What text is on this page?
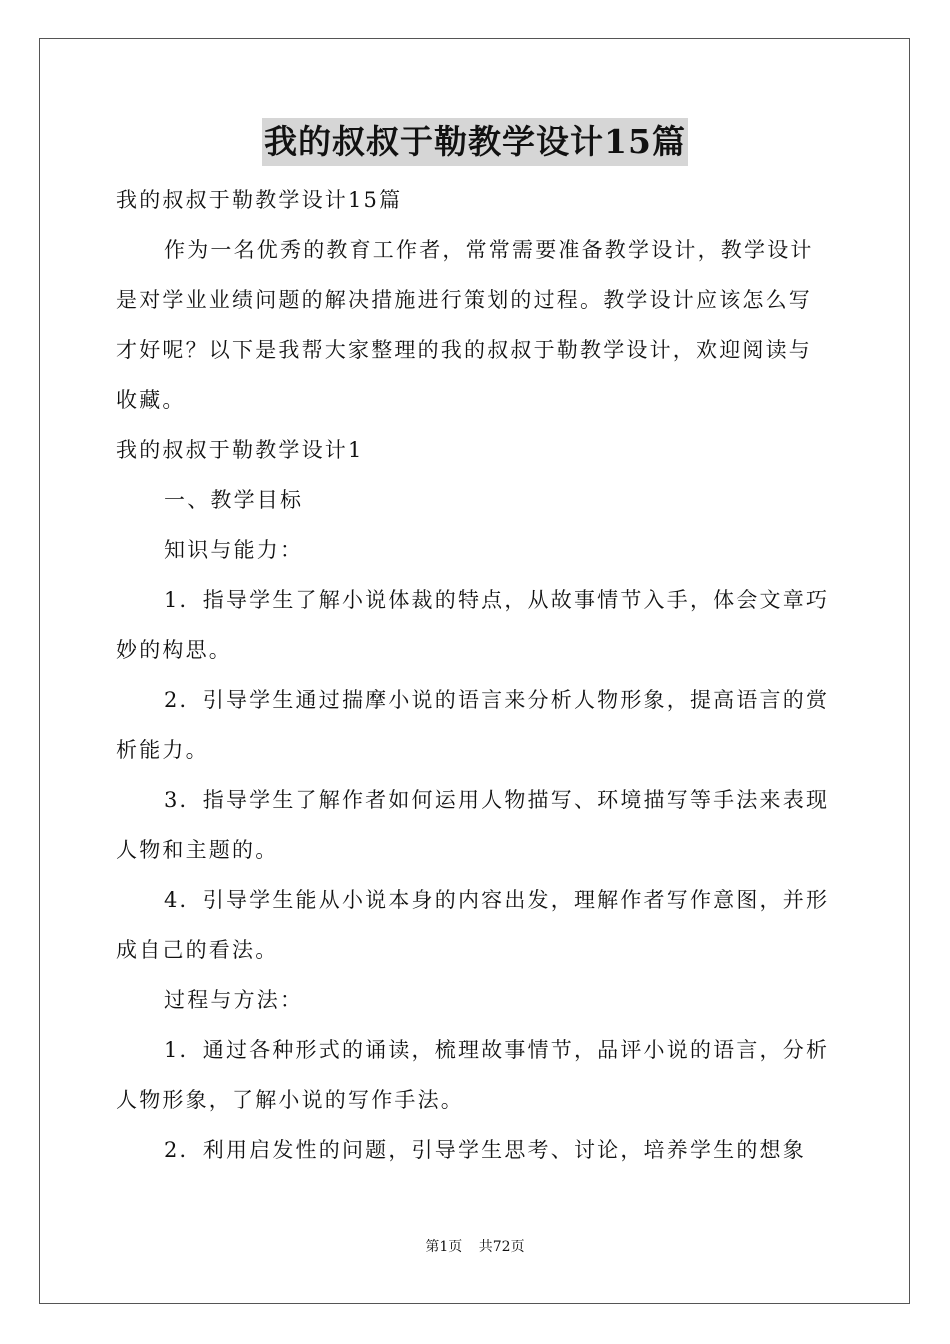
我的叔叔于勒教学设计15篇

我的叔叔于勒教学设计15篇

作为一名优秀的教育工作者，常常需要准备教学设计，教学设计是对学业业绩问题的解决措施进行策划的过程。教学设计应该怎么写才好呢？以下是我帮大家整理的我的叔叔于勒教学设计，欢迎阅读与收藏。

我的叔叔于勒教学设计1

一、教学目标

知识与能力：

1．指导学生了解小说体裁的特点，从故事情节入手，体会文章巧妙的构思。

2．引导学生通过揣摩小说的语言来分析人物形象，提高语言的赏析能力。

3．指导学生了解作者如何运用人物描写、环境描写等手法来表现人物和主题的。

4．引导学生能从小说本身的内容出发，理解作者写作意图，并形成自己的看法。

过程与方法：

1．通过各种形式的诵读，梳理故事情节，品评小说的语言，分析人物形象，了解小说的写作手法。

2．利用启发性的问题，引导学生思考、讨论，培养学生的想象

第1页 共72页
